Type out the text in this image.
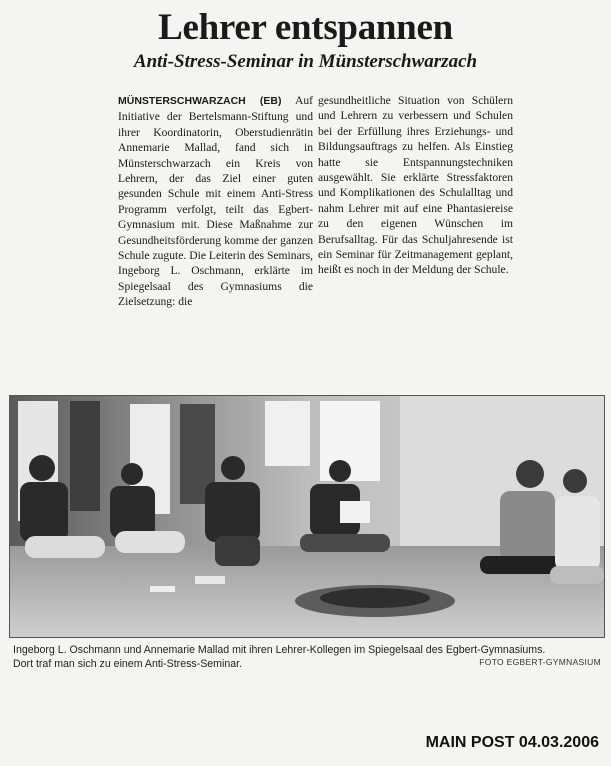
Lehrer entspannen
Anti-Stress-Seminar in Münsterschwarzach

MÜNSTERSCHWARZACH (EB) Auf Initiative der Bertelsmann-Stiftung und ihrer Koordinatorin, Oberstudienrätin Annemarie Mallad, fand sich in Münsterschwarzach ein Kreis von Lehrern, der das Ziel einer guten gesunden Schule mit einem Anti-Stress Programm verfolgt, teilt das Egbert-Gymnasium mit. Diese Maßnahme zur Gesundheitsförderung komme der ganzen Schule zugute. Die Leiterin des Seminars, Ingeborg L. Oschmann, erklärte im Spiegelsaal des Gymnasiums die Zielsetzung: die

gesundheitliche Situation von Schülern und Lehrern zu verbessern und Schulen bei der Erfüllung ihres Erziehungs- und Bildungsauftrags zu helfen. Als Einstieg hatte sie Entspannungstechniken ausgewählt. Sie erklärte Stressfaktoren und Komplikationen des Schulalltag und nahm Lehrer mit auf eine Phantasiereise zu den eigenen Wünschen im Berufsalltag. Für das Schuljahresende ist ein Seminar für Zeitmanagement geplant, heißt es noch in der Meldung der Schule.

Ingeborg L. Oschmann und Annemarie Mallad mit ihren Lehrer-Kollegen im Spiegelsaal des Egbert-Gymnasiums.

Dort traf man sich zu einem Anti-Stress-Seminar.	FOTO EGBERT-GYMNASIUM
MAIN POST 04.03.2006
